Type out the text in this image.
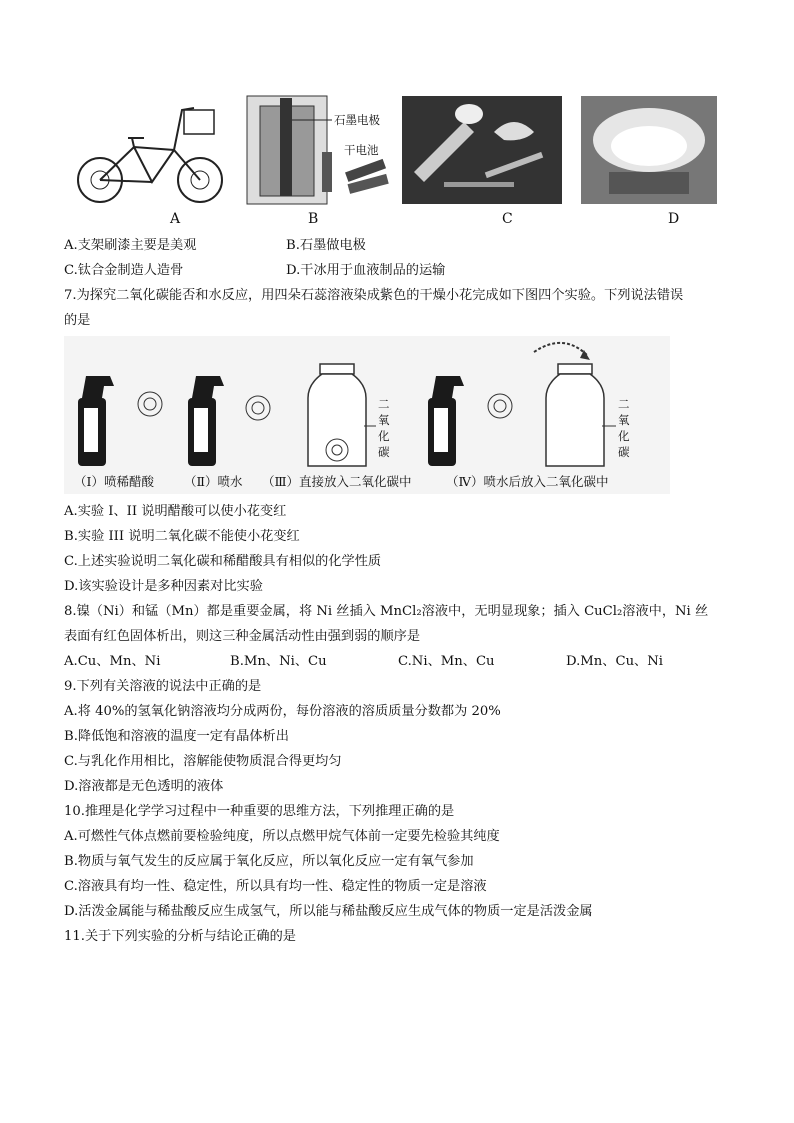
石墨电极
干电池
A	B	C	D
A.支架刷漆主要是美观	B.石墨做电极
C.钛合金制造人造骨	D.干冰用于血液制品的运输
7.为探究二氧化碳能否和水反应，用四朵石蕊溶液染成紫色的干燥小花完成如下图四个实验。下列说法错误
的是
二
氧
化
碳
二
氧
化
碳
（Ⅰ）喷稀醋酸 （Ⅱ）喷水 （Ⅲ）直接放入二氧化碳中	（Ⅳ）喷水后放入二氧化碳中
A.实验 I、II 说明醋酸可以使小花变红
B.实验 III 说明二氧化碳不能使小花变红
C.上述实验说明二氧化碳和稀醋酸具有相似的化学性质
D.该实验设计是多种因素对比实验
8.镍（Ni）和锰（Mn）都是重要金属，将 Ni 丝插入 MnCl₂溶液中，无明显现象；插入 CuCl₂溶液中，Ni 丝
表面有红色固体析出，则这三种金属活动性由强到弱的顺序是
A.Cu、Mn、Ni	B.Mn、Ni、Cu	C.Ni、Mn、Cu	D.Mn、Cu、Ni
9.下列有关溶液的说法中正确的是
A.将 40%的氢氧化钠溶液均分成两份，每份溶液的溶质质量分数都为 20%
B.降低饱和溶液的温度一定有晶体析出
C.与乳化作用相比，溶解能使物质混合得更均匀
D.溶液都是无色透明的液体
10.推理是化学学习过程中一种重要的思维方法，下列推理正确的是
A.可燃性气体点燃前要检验纯度，所以点燃甲烷气体前一定要先检验其纯度
B.物质与氧气发生的反应属于氧化反应，所以氧化反应一定有氧气参加
C.溶液具有均一性、稳定性，所以具有均一性、稳定性的物质一定是溶液
D.活泼金属能与稀盐酸反应生成氢气，所以能与稀盐酸反应生成气体的物质一定是活泼金属
11.关于下列实验的分析与结论正确的是
